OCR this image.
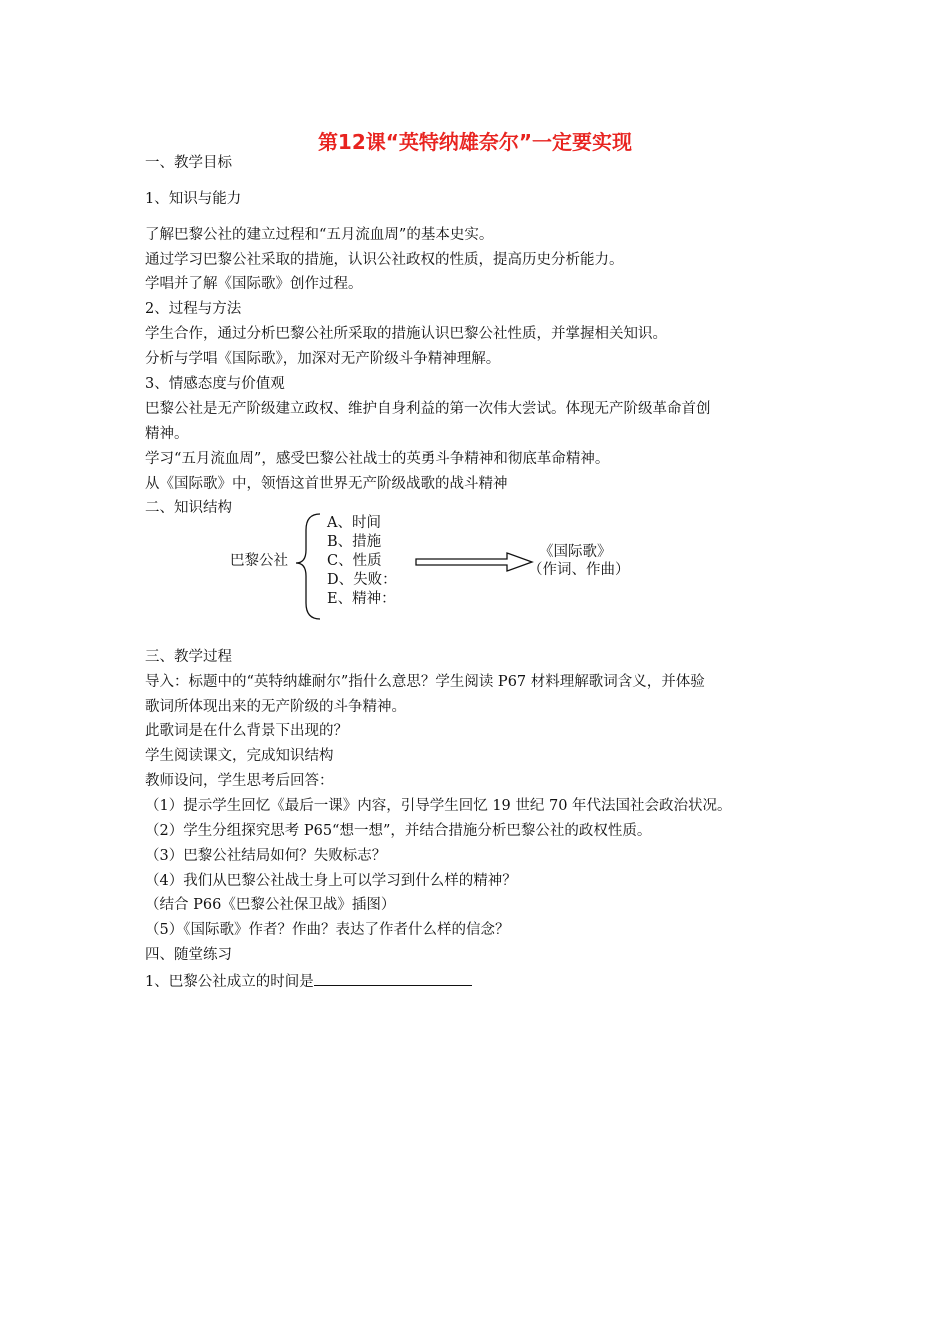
第12课“英特纳雄奈尔”一定要实现
一、教学目标
1、知识与能力
了解巴黎公社的建立过程和“五月流血周”的基本史实。
通过学习巴黎公社采取的措施，认识公社政权的性质，提高历史分析能力。
学唱并了解《国际歌》创作过程。
2、过程与方法
学生合作，通过分析巴黎公社所采取的措施认识巴黎公社性质，并掌握相关知识。
分析与学唱《国际歌》，加深对无产阶级斗争精神理解。
3、情感态度与价值观
巴黎公社是无产阶级建立政权、维护自身利益的第一次伟大尝试。体现无产阶级革命首创
精神。
学习“五月流血周”，感受巴黎公社战士的英勇斗争精神和彻底革命精神。
从《国际歌》中，领悟这首世界无产阶级战歌的战斗精神
二、知识结构
巴黎公社
A、时间
B、措施
C、性质
D、失败：
E、精神：
《国际歌》
（作词、作曲）
三、教学过程
导入：标题中的“英特纳雄耐尔”指什么意思？学生阅读 P67 材料理解歌词含义，并体验
歌词所体现出来的无产阶级的斗争精神。
此歌词是在什么背景下出现的？
学生阅读课文，完成知识结构
教师设问，学生思考后回答：
（1）提示学生回忆《最后一课》内容，引导学生回忆 19 世纪 70 年代法国社会政治状况。
（2）学生分组探究思考 P65“想一想”，并结合措施分析巴黎公社的政权性质。
（3）巴黎公社结局如何？失败标志？
（4）我们从巴黎公社战士身上可以学习到什么样的精神？
（结合 P66《巴黎公社保卫战》插图）
（5）《国际歌》作者？作曲？表达了作者什么样的信念？
四、随堂练习
1、巴黎公社成立的时间是
